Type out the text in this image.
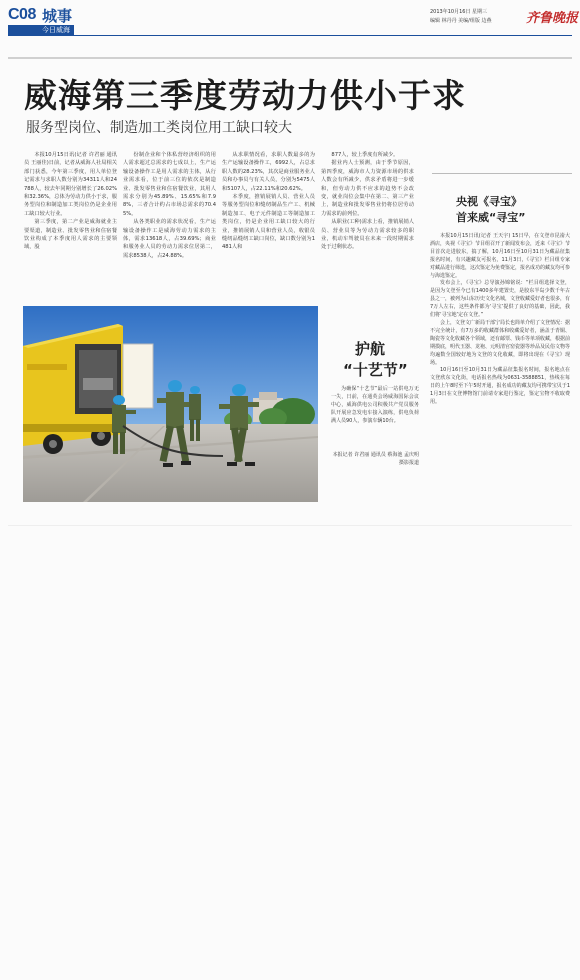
C08 城事
今日威海
2013年10月16日 星期三
编辑 林丹丹 美编/组版 边燕	齐鲁晚报
威海第三季度劳动力供小于求
服务型岗位、制造加工类岗位用工缺口较大

本报10月15日讯(记者 许君丽 通讯员 王丽佳)日前，记者从威海人社局相关部门获悉，今年第三季度，用人单位登记需求与求职人数分别为34311人和24788人，较去年同期分别增长了26.02%和32.36%，总体为劳动力供小于求，服务型岗位和制造加工类岗位仍是企业用工缺口较大行业。
第三季度，第二产业是威海就业主要渠道，制造业、批发零售业和住宿餐饮业构成了本季度用人需求的主要领域，股

份制企业和个体私营经济组织的用人需求超过总需求的七成以上，生产运输设备操作工是用人需求的主体，从行业需求看，位于前三位的依次是制造业、批发零售业和住宿餐饮业，其用人需求分别为45.89%、15.65%和7.98%，三者合计约占市场总需求的70.45%。
从各类职业的需求状况看，生产运输设备操作工是威海劳动力需求的主体，需求13618人，占39.69%；商业和服务业人员的劳动力需求位居第二，需求8538人，占24.88%。

从求职情况看，求职人数最多的为生产运输设备操作工，6992人，占总求职人数的28.23%，其次是商业服务业人员和办事员与有关人员，分别为5475人和5107人，占22.11%和20.62%。
本季度，推销展销人员、营业人员等服务型岗位和缝纫制品生产工、机械制造加工、电子元件制造工等制造加工类岗位，仍是企业用工缺口较大的行业，推销展销人员和营业人员，收银员缝纫品缝纫工缺口岗位，缺口数分别为1481人和

877人，较上季度有所减少。
据业内人士预测，由于季节原因，第四季度，威海市人力资源市场的供求人数会有所减少，供求矛盾将进一步缓和，但劳动力供不应求的趋势不会改变，就业岗位会集中在第二、第三产业上，制造业和批发零售业仍将位居劳动力需求的前列位。
从职业(工种)需求上看，推销展销人员、营业员等为劳动力需求较多的职业，机动车驾驶员在未来一段时期需求处于过剩状态。

央视《寻宝》
首来威“寻宝”

本报10月15日讯(记者 王天宇) 15日早，在文登市昆嵛大酒店，央视《寻宝》节目组召开了新闻发布会，近来《寻宝》节目首次走进胶东，搞了解，10月16日至10月31日为藏品征集报名时间，有兴趣藏友可报名，11月3日，《寻宝》栏目组专家对藏品进行筛选，这次鉴定为免费鉴定，报名成功的藏友均可参与海选鉴定。
发布会上，《寻宝》总导演孙锦铭说：“栏目组选择文登，是因为文登至今已有1400多年建置史，是胶东半岛少数千年古县之一，被列为山东历史文化名城，文登收藏爱好者也很多，有7万人左右，这些条件都为‘寻宝’提供了良好的基础，因此，我们将‘寻宝地’定在文登。”
会上，文登文广新局干部宁局长也简单介绍了文登情况：据不完全统计，有7万多的收藏群体和收藏爱好者，涵盖于青铜、陶瓷等文化收藏各个领域，还有邮票、钱币等单项收藏，根据前期摸底，明代玉器、龙袍、元明清官窑瓷器等珍品及民俗文物等均遍数全国较好地为文登的文化收藏，即将出现在《寻宝》现场。
10月16日至10月31日为藏品征集报名时间，报名地点在文登欣东文化街，电话报名热线为0631-3588851，热线在每日的上午8时至下午5时开通，报名成功的藏友均可携带宝贝于11月3日在文登博物馆门前请专家进行鉴定，鉴定宝物不收取费用。

护航
“十艺节”

为确保“十艺节”最后一站供电万无一失，日前，在通英会场威海国际会议中心，威海供电公司积极共产党员服务队开展应急发电车接入演练，供电负荷满人员90人，参演车辆10台。

本报记者 许君丽 通讯员 蔡海池 孟庆明 摄影报道
